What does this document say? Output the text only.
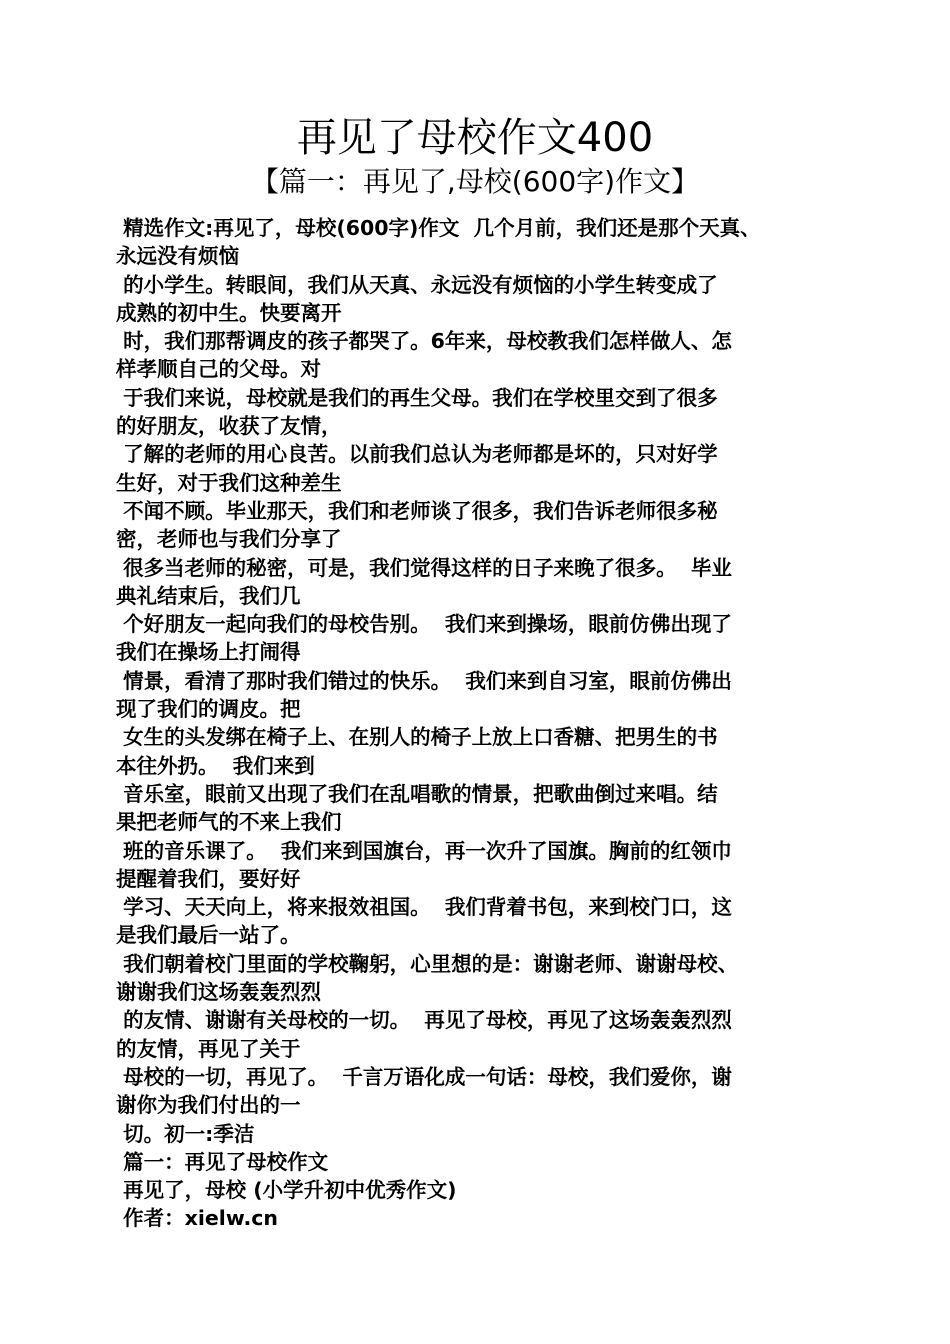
再见了母校作文400
【篇一：再见了,母校(600字)作文】
精选作文:再见了，母校(600字)作文  几个月前，我们还是那个天真、
永远没有烦恼
的小学生。转眼间，我们从天真、永远没有烦恼的小学生转变成了
成熟的初中生。快要离开
时，我们那帮调皮的孩子都哭了。6年来，母校教我们怎样做人、怎
样孝顺自己的父母。对
于我们来说，母校就是我们的再生父母。我们在学校里交到了很多
的好朋友，收获了友情，
了解的老师的用心良苦。以前我们总认为老师都是坏的，只对好学
生好，对于我们这种差生
不闻不顾。毕业那天，我们和老师谈了很多，我们告诉老师很多秘
密，老师也与我们分享了
很多当老师的秘密，可是，我们觉得这样的日子来晚了很多。  毕业
典礼结束后，我们几
个好朋友一起向我们的母校告别。  我们来到操场，眼前仿佛出现了
我们在操场上打闹得
情景，看清了那时我们错过的快乐。  我们来到自习室，眼前仿佛出
现了我们的调皮。把
女生的头发绑在椅子上、在别人的椅子上放上口香糖、把男生的书
本往外扔。  我们来到
音乐室，眼前又出现了我们在乱唱歌的情景，把歌曲倒过来唱。结
果把老师气的不来上我们
班的音乐课了。  我们来到国旗台，再一次升了国旗。胸前的红领巾
提醒着我们，要好好
学习、天天向上，将来报效祖国。  我们背着书包，来到校门口，这
是我们最后一站了。
我们朝着校门里面的学校鞠躬，心里想的是：谢谢老师、谢谢母校、
谢谢我们这场轰轰烈烈
的友情、谢谢有关母校的一切。  再见了母校，再见了这场轰轰烈烈
的友情，再见了关于
母校的一切，再见了。  千言万语化成一句话：母校，我们爱你，谢
谢你为我们付出的一
切。初一:季洁
篇一：再见了母校作文
再见了，母校 (小学升初中优秀作文)
作者：xielw.cn
